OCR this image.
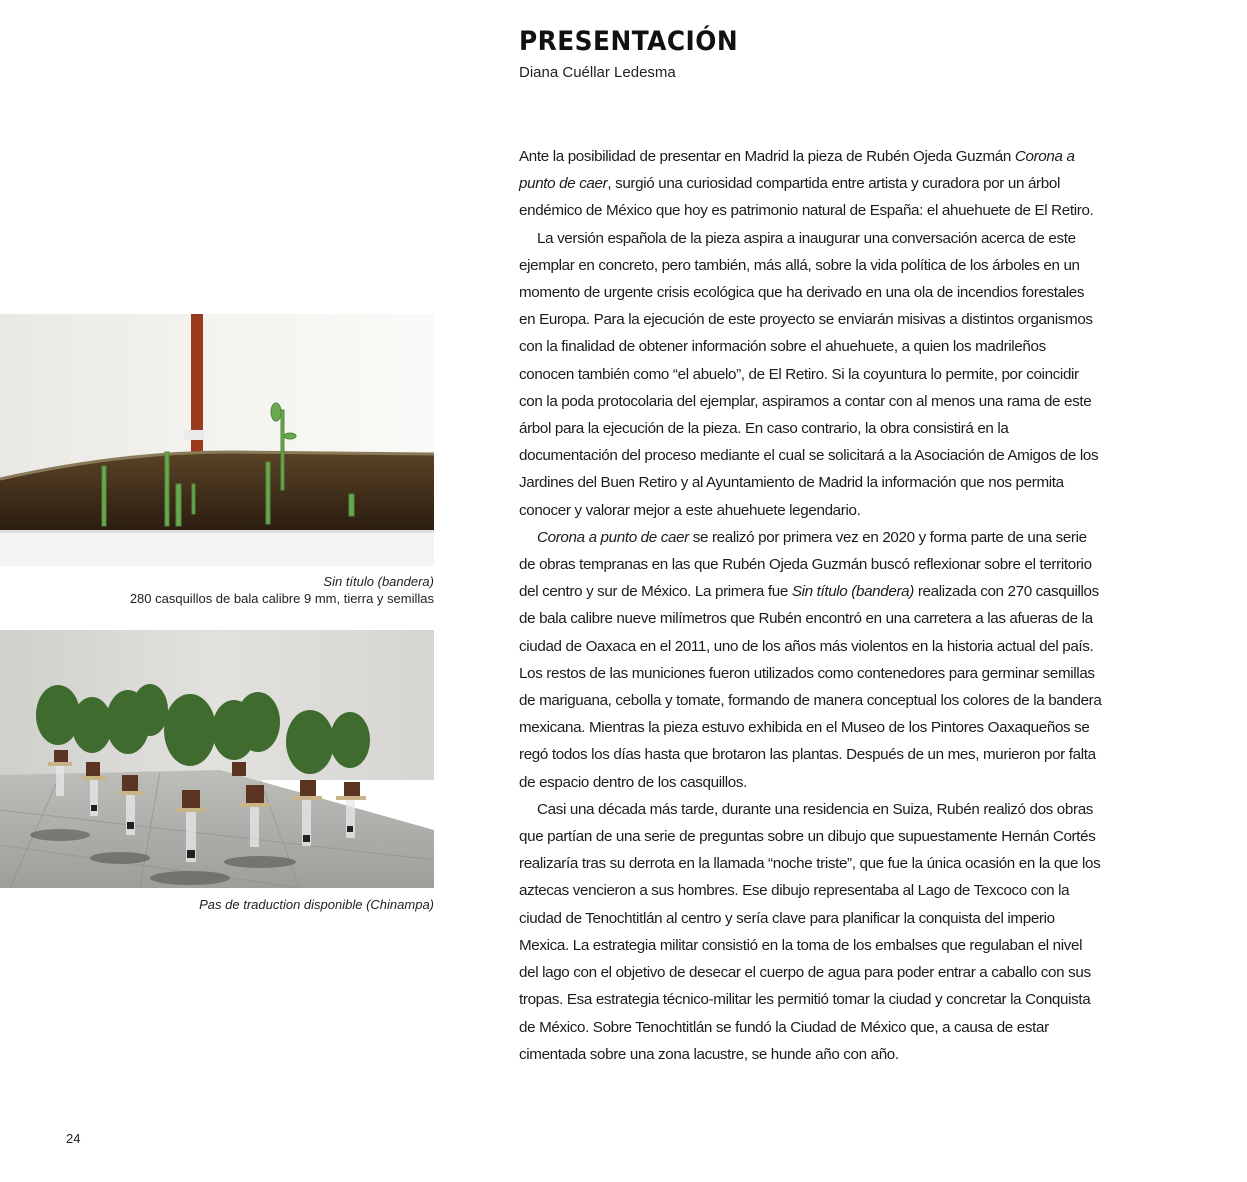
PRESENTACIÓN
Diana Cuéllar Ledesma
Sin título (bandera)
280 casquillos de bala calibre 9 mm, tierra y semillas
Pas de traduction disponible (Chinampa)

Ante la posibilidad de presentar en Madrid la pieza de Rubén Ojeda Guzmán Corona a punto de caer, surgió una curiosidad compartida entre artista y curadora por un árbol endémico de México que hoy es patrimonio natural de España: el ahuehuete de El Retiro.

La versión española de la pieza aspira a inaugurar una conversación acerca de este ejemplar en concreto, pero también, más allá, sobre la vida política de los árboles en un momento de urgente crisis ecológica que ha derivado en una ola de incendios forestales en Europa. Para la ejecución de este proyecto se enviarán misivas a distintos organismos con la finalidad de obtener información sobre el ahuehuete, a quien los madrileños conocen también como “el abuelo”, de El Retiro. Si la coyuntura lo permite, por coincidir con la poda protocolaria del ejemplar, aspiramos a contar con al menos una rama de este árbol para la ejecución de la pieza. En caso contrario, la obra consistirá en la documentación del proceso mediante el cual se solicitará a la Asociación de Amigos de los Jardines del Buen Retiro y al Ayuntamiento de Madrid la información que nos permita conocer y valorar mejor a este ahuehuete legendario.

Corona a punto de caer se realizó por primera vez en 2020 y forma parte de una serie de obras tempranas en las que Rubén Ojeda Guzmán buscó reflexionar sobre el territorio del centro y sur de México. La primera fue Sin título (bandera) realizada con 270 casquillos de bala calibre nueve milímetros que Rubén encontró en una carretera a las afueras de la ciudad de Oaxaca en el 2011, uno de los años más violentos en la historia actual del país. Los restos de las municiones fueron utilizados como contenedores para germinar semillas de mariguana, cebolla y tomate, formando de manera conceptual los colores de la bandera mexicana. Mientras la pieza estuvo exhibida en el Museo de los Pintores Oaxaqueños se regó todos los días hasta que brotaron las plantas. Después de un mes, murieron por falta de espacio dentro de los casquillos.

Casi una década más tarde, durante una residencia en Suiza, Rubén realizó dos obras que partían de una serie de preguntas sobre un dibujo que supuestamente Hernán Cortés realizaría tras su derrota en la llamada “noche triste”, que fue la única ocasión en la que los aztecas vencieron a sus hombres. Ese dibujo representaba al Lago de Texcoco con la ciudad de Tenochtitlán al centro y sería clave para planificar la conquista del imperio Mexica. La estrategia militar consistió en la toma de los embalses que regulaban el nivel del lago con el objetivo de desecar el cuerpo de agua para poder entrar a caballo con sus tropas. Esa estrategia técnico-militar les permitió tomar la ciudad y concretar la Conquista de México. Sobre Tenochtitlán se fundó la Ciudad de México que, a causa de estar cimentada sobre una zona lacustre, se hunde año con año.

24
